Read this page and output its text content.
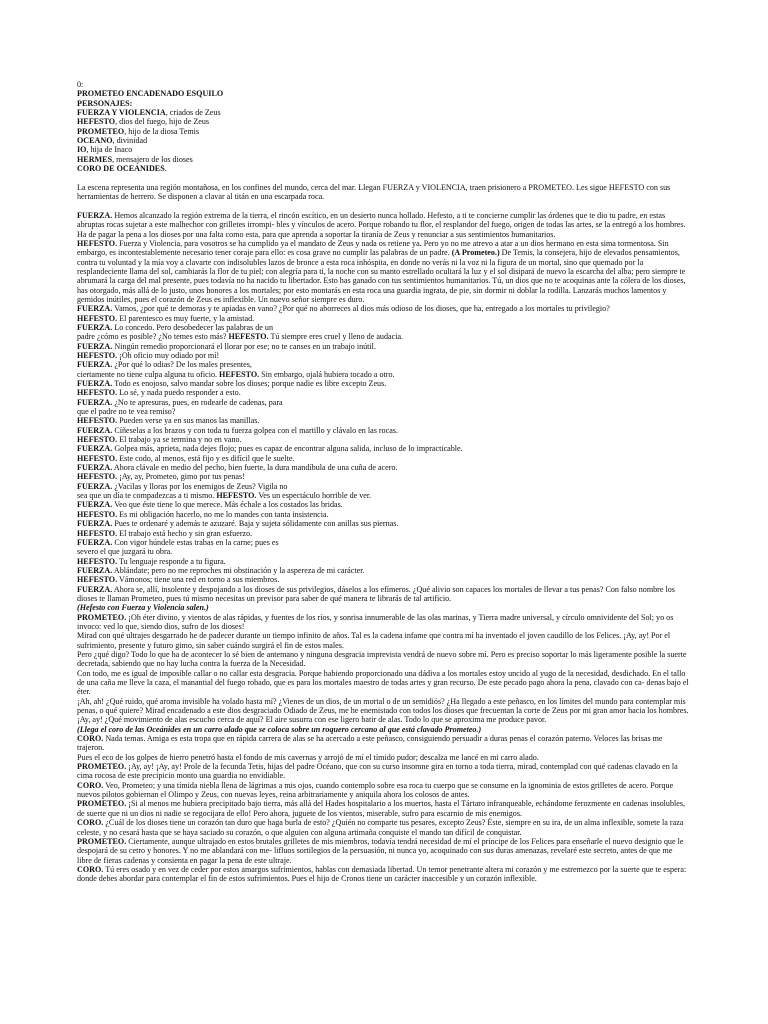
0:
PROMETEO ENCADENADO ESQUILO
PERSONAJES:
FUERZA Y VIOLENCIA, criados de Zeus
HEFESTO, dios del fuego, hijo de Zeus
PROMETEO, hijo de la diosa Temis
OCEANO, divinidad
IO, hija de Inaco
HERMES, mensajero de los dioses
CORO DE OCEANIDES.
La escena representa una región montañosa, en los confines del mundo, cerca del mar. Llegan FUERZA y VIOLENCIA, traen prisionero a PROMETEO. Les sigue HEFESTO con sus herramientas de herrero. Se disponen a clavar al titán en una escarpada roca.
FUERZA. Hemos alcanzado la región extrema de la tierra, el rincón escítico, en un desierto nunca hollado. Hefesto, a ti te concierne cumplir las órdenes que te dio tu padre, en estas abruptas rocas sujetar a este malhechor con grilletes irrompi- bles y vínculos de acero. Porque robando tu flor, el resplandor del fuego, origen de todas las artes, se la entregó a los hombres. Ha de pagar la pena a los dioses por una falta como esta, para que aprenda a soportar la tiranía de Zeus y renunciar a sus sentimientos humanitarios.
HEFESTO. Fuerza y Violencia, para vosotros se ha cumplido ya el mandato de Zeus y nada os retiene ya. Pero yo no me atrevo a atar a un dios hermano en esta sima tormentosa. Sin embargo, es incontestablemente necesario tener coraje para ello: es cosa grave no cumplir las palabras de un padre. (A Prometeo.) De Temis, la consejera, hijo de elevados pensamientos, contra tu voluntad y la mía voy a clavarte con indisolubles lazos de bronce a esta roca inhóspita, en donde no verás ni la voz ni la figura de un mortal, sino que quemado por la resplandeciente llama del sol, cambiarás la flor de tu piel; con alegría para ti, la noche con su manto estrellado ocultará la luz y el sol disipará de nuevo la escarcha del alba; pero siempre te abrumará la carga del mal presente, pues todavía no ha nacido tu libertador. Esto has ganado con tus sentimientos humanitarios. Tú, un dios que no te acoquinas ante la cólera de los dioses, has otorgado, más allá de lo justo, unos honores a los mortales; por esto montarás en esta roca una guardia ingrata, de pie, sin dormir ni doblar la rodilla. Lanzarás muchos lamentos y gemidos inútiles, pues el corazón de Zeus es inflexible. Un nuevo señor siempre es duro.
FUERZA. Vamos, ¿por qué te demoras y te apiadas en vano? ¿Por qué no aborreces al dios más odioso de los dioses, que ha, entregado a los mortales tu privilegio?
HEFESTO. El parentesco es muy fuerte, y la amistad.
FUERZA. Lo concedo. Pero desobedecer las palabras de un
padre ¿cómo es posible? ¿No temes esto más? HEFESTO. Tú siempre eres cruel y lleno de audacia.
FUERZA. Ningún remedio proporcionará el llorar por ese; no te canses en un trabajo inútil.
HEFESTO. ¡Oh oficio muy odiado por mí!
FUERZA. ¿Por qué lo odias? De los males presentes,
ciertamente no tiene culpa alguna tu oficio. HEFESTO. Sin embargo, ojalá hubiera tocado a otro.
FUERZA. Todo es enojoso, salvo mandar sobre los dioses; porque nadie es libre excepto Zeus.
HEFESTO. Lo sé, y nada puedo responder a esto.
FUERZA. ¿No te apresuras, pues, en rodearle de cadenas, para
que el padre no te vea remiso?
HEFESTO. Pueden verse ya en sus manos las manillas.
FUERZA. Cíñeselas a los brazos y con toda tu fuerza golpea con el martillo y clávalo en las rocas.
HEFESTO. El trabajo ya se termina y no en vano.
FUERZA. Golpea más, aprieta, nada dejes flojo; pues es capaz de encontrar alguna salida, incluso de lo impracticable.
HEFESTO. Este codo, al menos, está fijo y es difícil que le suelte.
FUERZA. Ahora clávale en medio del pecho, bien fuerte, la dura mandíbula de una cuña de acero.
HEFESTO. ¡Ay, ay, Prometeo, gimo por tus penas!
FUERZA. ¿Vacilas y lloras por los enemigos de Zeus? Vigila no
sea que un día te compadezcas a ti mismo. HEFESTO. Ves un espectáculo horrible de ver.
FUERZA. Veo que éste tiene lo que merece. Más échale a los costados las bridas.
HEFESTO. Es mi obligación hacerlo, no me lo mandes con tanta insistencia.
FUERZA. Pues te ordenaré y además te azuzaré. Baja y sujeta sólidamente con anillas sus piernas.
HEFESTO. El trabajo está hecho y sin gran esfuerzo.
FUERZA. Con vigor húndele estas trabas en la carne; pues es
severo el que juzgará tu obra.
HEFESTO. Tu lenguaje responde a tu figura.
FUERZA. Ablándate; pero no me reproches mi obstinación y la aspereza de mi carácter.
HEFESTO. Vámonos; tiene una red en torno a sus miembros.
FUERZA. Ahora se, allí, insolente y despojando a los dioses de sus privilegios, dáselos a los efímeros. ¿Qué alivio son capaces los mortales de llevar a tus penas? Con falso nombre los dioses te llaman Prometeo, pues tú mismo necesitas un previsor para saber de qué manera te librarás de tal artificio.
(Hefesto con Fuerza y Violencia salen.)
PROMETEO. ¡Oh éter divino, y vientos de alas rápidas, y fuentes de los ríos, y sonrisa innumerable de las olas marinas, y Tierra madre universal, y círculo omnividente del Sol; yo os invoco: ved lo que, siendo dios, sufro de los dioses!
Mirad con qué ultrajes desgarrado he de padecer durante un tiempo infinito de años. Tal es la cadena infame que contra mí ha inventado el joven caudillo de los Felices. ¡Ay, ay! Por el sufrimiento, presente y futuro gimo, sin saber cuándo surgirá el fin de estos males.
Pero ¿qué digo? Todo lo que ha de acontecer lo sé bien de antemano y ninguna desgracia imprevista vendrá de nuevo sobre mí. Pero es preciso soportar lo más ligeramente posible la suerte decretada, sabiendo que no hay lucha contra la fuerza de la Necesidad.
Con todo, me es igual de imposible callar o no callar esta desgracia. Porque habiendo proporcionado una dádiva a los mortales estoy uncido al yugo de la necesidad, desdichado. En el tallo de una caña me lleve la caza, el manantial del fuego robado, que es para los mortales maestro de todas artes y gran recurso. De este pecado pago ahora la pena, clavado con ca- denas bajo el éter.
¡Ah, ah! ¿Qué ruido, qué aroma invisible ha volado hasta mí? ¿Vienes de un dios, de un mortal o de un semidiós? ¿Ha llegado a este peñasco, en los límites del mundo para contemplar mis penas, o qué quiere? Mirad encadenado a este dios desgraciado Odiado de Zeus, me he enemistado con todos los dioses que frecuentan la corte de Zeus por mi gran amor hacia los hombres. ¡Ay, ay! ¿Qué movimiento de alas escucho cerca de aquí? El aire susurra con ese ligero batir de alas. Todo lo que se aproxima me produce pavor.
(Llega el coro de las Oceánides en un carro alado que se coloca sobre un roquero cercano al que está clavado Prometeo.)
CORO. Nada temas. Amiga es esta tropa que en rápida carrera de alas se ha acercado a este peñasco, consiguiendo persuadir a duras penas el corazón paterno. Veloces las brisas me trajeron.
Pues el eco de los golpes de hierro penetró hasta el fondo de mis cavernas y arrojó de mí el tímido pudor; descalza me lancé en mi carro alado.
PROMETEO. ¡Ay, ay! ¡Ay, ay! Prole de la fecunda Tetis, hijas del padre Océano, que con su curso insomne gira en torno a toda tierra, mirad, contemplad con qué cadenas clavado en la cima rocosa de este precipicio monto una guardia no envidiable.
CORO. Veo, Prometeo; y una tímida niebla llena de lágrimas a mis ojos, cuando contemplo sobre esa roca tu cuerpo que se consume en la ignominia de estos grilletes de acero. Porque nuevos pilotos gobiernan el Olimpo y Zeus, con nuevas leyes, reina arbitrariamente y aniquila ahora los colosos de antes.
PROMETEO. ¡Si al menos me hubiera precipitado bajo tierra, más allá del Hades hospitalario a los muertos, hasta el Tártaro infranqueable, echándome ferozmente en cadenas insolubles, de suerte que ni un dios ni nadie se regocijara de ello! Pero ahora, juguete de los vientos, miserable, sufro para escarnio de mis enemigos.
CORO. ¿Cuál de los dioses tiene un corazón tan duro que haga burla de esto? ¿Quién no comparte tus pesares, excepto Zeus? Éste, siempre en su ira, de un alma inflexible, somete la raza celeste, y no cesará hasta que se haya saciado su corazón, o que alguien con alguna artimaña conquiste el mando tan difícil de conquistar.
PROMETEO. Ciertamente, aunque ultrajado en estos brutales grilletes de mis miembros, todavía tendrá necesidad de mí el príncipe de los Felices para enseñarle el nuevo designio que le despojará de su cetro y honores. Y no me ablandará con me- lifluos sortilegios de la persuasión, ni nunca yo, acoquinado con sus duras amenazas, revelaré este secreto, antes de que me libre de fieras cadenas y consienta en pagar la pena de este ultraje.
CORO. Tú eres osado y en vez de ceder por estos amargos sufrimientos, hablas con demasiada libertad. Un temor penetrante altera mi corazón y me estremezco por la suerte que te espera: donde debes abordar para contemplar el fin de estos sufrimientos. Pues el hijo de Cronos tiene un carácter inaccesible y un corazón inflexible.
